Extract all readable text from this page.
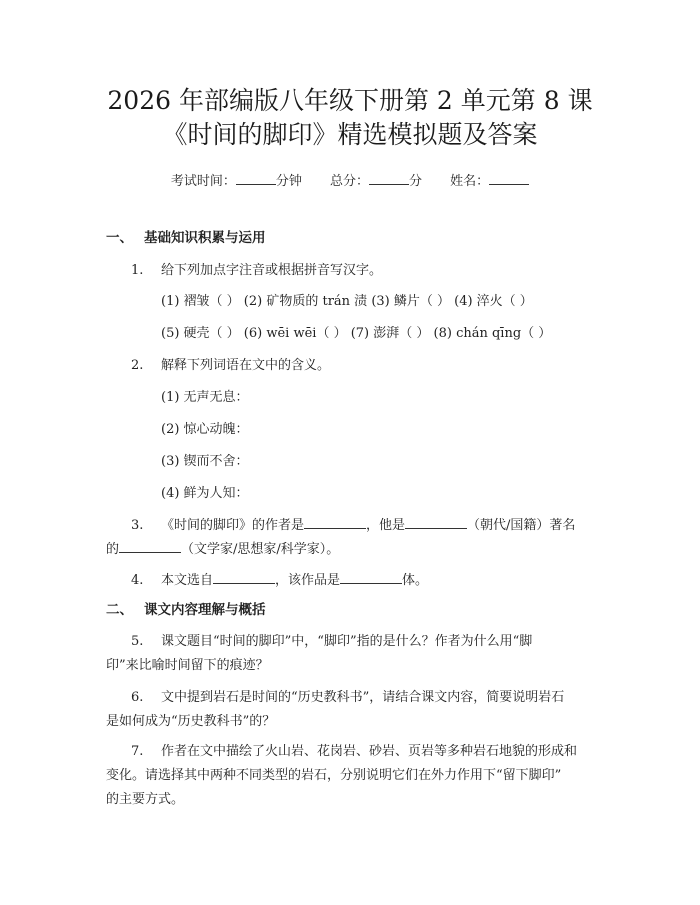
2026 年部编版八年级下册第 2 单元第 8 课
《时间的脚印》精选模拟题及答案
考试时间：	分钟 总分：	分 姓名：
一、 基础知识积累与运用
1. 给下列加点字注音或根据拼音写汉字。
(1) 褶皱（ ） (2) 矿物质的 trán 渍 (3) 鳞片（ ） (4) 淬火（ ）
(5) 硬壳（ ） (6) wēi wēi（ ） (7) 澎湃（ ） (8) chán qīng（ ）
2. 解释下列词语在文中的含义。
(1) 无声无息：
(2) 惊心动魄：
(3) 锲而不舍：
(4) 鲜为人知：
3. 《时间的脚印》的作者是	，他是	（朝代/国籍）著名
的	（文学家/思想家/科学家）。
4. 本文选自	，该作品是	体。
二、 课文内容理解与概括
5. 课文题目“时间的脚印”中，“脚印”指的是什么？作者为什么用“脚
印”来比喻时间留下的痕迹？
6. 文中提到岩石是时间的“历史教科书”，请结合课文内容，简要说明岩石
是如何成为“历史教科书”的？
7. 作者在文中描绘了火山岩、花岗岩、砂岩、页岩等多种岩石地貌的形成和
变化。请选择其中两种不同类型的岩石，分别说明它们在外力作用下“留下脚印”
的主要方式。
